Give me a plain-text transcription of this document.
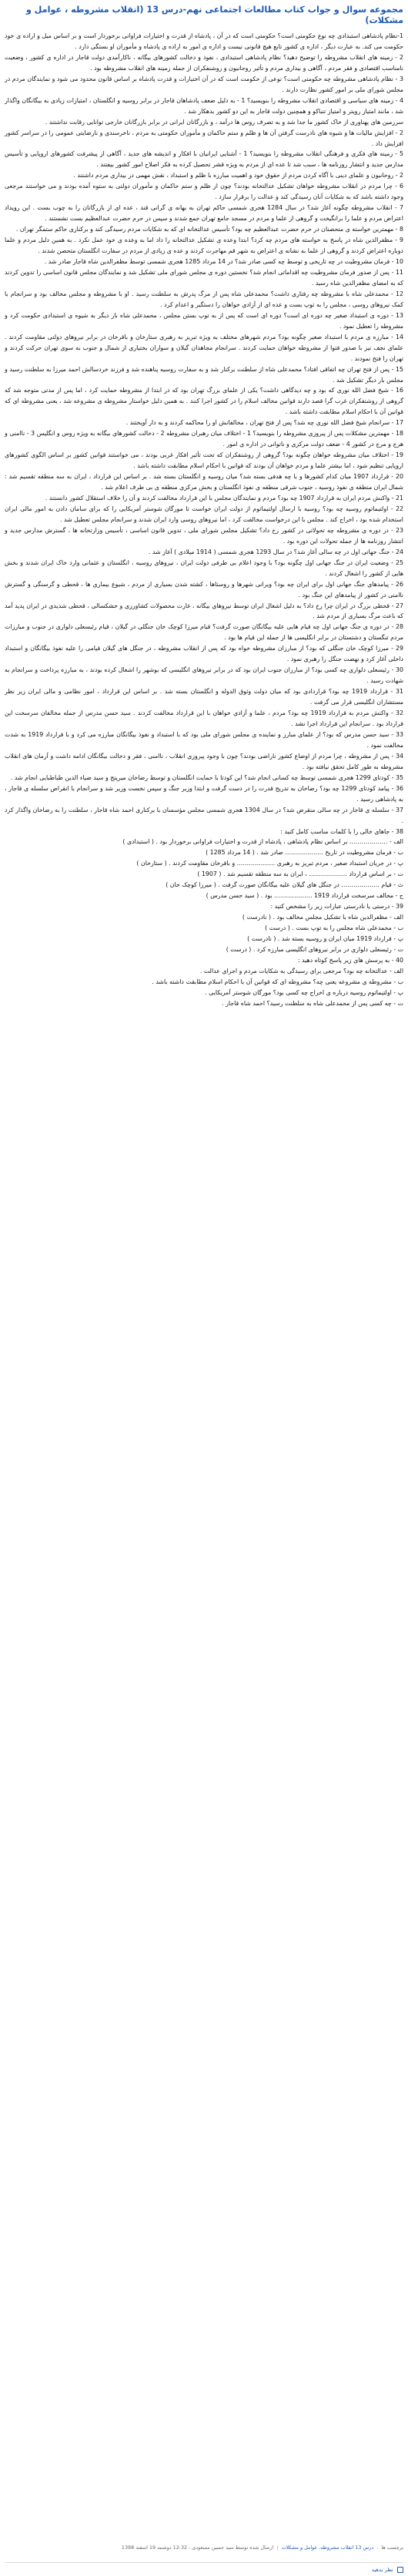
مجموعه سوال و جواب کتاب مطالعات اجتماعی نهم-درس 13 (انقلاب مشروطه ، عوامل و مشکلات)

1-نظام پادشاهی استبدادی چه نوع حکومتی است؟ حکومتی است که در آن ، پادشاه از قدرت و اختیارات فراوانی برخوردار است و بر اساس میل و اراده ی خود حکومت می کند. به عبارت دیگر ، اداره ی کشور تابع هیچ قانونی نیست و اداره ی امور به اراده ی پادشاه و مأموران او بستگی دارد .

2 - زمینه های انقلاب مشروطه را توضیح دهید؟ نظام پادشاهی استبدادی ، نفوذ و دخالت کشورهای بیگانه ، ناکارآمدی دولت قاجار در اداره ی کشور ، وضعیت نامناسب اقتصادی و فقر مردم ، آگاهی و بیداری مردم و تأثیر روحانیون و روشنفکران از جمله زمینه های انقلاب مشروطه بود .

3 - نظام پادشاهی مشروطه چه حکومتی است؟ نوعی از حکومت است که در آن اختیارات و قدرت پادشاه بر اساس قانون محدود می شود و نمایندگان مردم در مجلس شورای ملی بر امور کشور نظارت دارند .

4 - زمینه های سیاسی و اقتصادی انقلاب مشروطه را بنویسید؟ 1 - به دلیل ضعف پادشاهان قاجار در برابر روسیه و انگلستان ، امتیازات زیادی به بیگانگان واگذار شد ، مانند امتیاز رویتر و امتیاز تنباکو و همچنین دولت قاجار به این دو کشور بدهکار شد .

سرزمین های پهناوری از خاک کشور ما جدا شد و به تصرف روس ها درآمد ، و بازرگانان ایرانی در برابر بازرگانان خارجی توانایی رقابت نداشتند .

2 - افزایش مالیات ها و شیوه های نادرست گرفتن آن ها و ظلم و ستم حاکمان و مأموران حکومتی به مردم ، ناخرسندی و نارضایتی عمومی را در سراسر کشور افزایش داد .

5 - زمینه های فکری و فرهنگی انقلاب مشروطه را بنویسید؟ 1 - آشنایی ایرانیان با افکار و اندیشه های جدید ، آگاهی از پیشرفت کشورهای اروپایی و تأسیس مدارس جدید و انتشار روزنامه ها ، سبب شد تا عده ای از مردم به ویژه قشر تحصیل کرده به فکر اصلاح امور کشور بیفتند .

2 - روحانیون و علمای دینی با آگاه کردن مردم از حقوق خود و اهمیت مبارزه با ظلم و استبداد ، نقش مهمی در بیداری مردم داشتند .

6 - چرا مردم در انقلاب مشروطه خواهان تشکیل عدالتخانه بودند؟ چون از ظلم و ستم حاکمان و مأموران دولتی به ستوه آمده بودند و می خواستند مرجعی وجود داشته باشد که به شکایات آنان رسیدگی کند و عدالت را برقرار سازد .

7 - انقلاب مشروطه چگونه آغاز شد؟ در سال 1284 هجری شمسی حاکم تهران به بهانه ی گرانی قند ، عده ای از بازرگانان را به چوب بست . این رویداد اعتراض مردم و علما را برانگیخت و گروهی از علما و مردم در مسجد جامع تهران جمع شدند و سپس در حرم حضرت عبدالعظیم بست نشستند .

8 - مهمترین خواسته ی متحصنان در حرم حضرت عبدالعظیم چه بود؟ تأسیس عدالتخانه ای که به شکایات مردم رسیدگی کند و برکناری حاکم ستمگر تهران .

9 - مظفرالدین شاه در پاسخ به خواسته های مردم چه کرد؟ ابتدا وعده ی تشکیل عدالتخانه را داد اما به وعده ی خود عمل نکرد . به همین دلیل مردم و علما دوباره اعتراض کردند و گروهی از علما به نشانه ی اعتراض به شهر قم مهاجرت کردند و عده ی زیادی از مردم در سفارت انگلستان متحصن شدند .

10 - فرمان مشروطیت در چه تاریخی و توسط چه کسی صادر شد؟ در 14 مرداد 1285 هجری شمسی توسط مظفرالدین شاه قاجار صادر شد .

11 - پس از صدور فرمان مشروطیت چه اقداماتی انجام شد؟ نخستین دوره ی مجلس شورای ملی تشکیل شد و نمایندگان مجلس قانون اساسی را تدوین کردند که به امضای مظفرالدین شاه رسید .

12 - محمدعلی شاه با مشروطه چه رفتاری داشت؟ محمدعلی شاه پس از مرگ پدرش به سلطنت رسید . او با مشروطه و مجلس مخالف بود و سرانجام با کمک نیروهای روسی ، مجلس را به توپ بست و عده ای از آزادی خواهان را دستگیر و اعدام کرد .

13 - دوره ی استبداد صغیر چه دوره ای است؟ دوره ای است که پس از به توپ بستن مجلس ، محمدعلی شاه بار دیگر به شیوه ی استبدادی حکومت کرد و مشروطه را تعطیل نمود .

14 - مبارزه ی مردم با استبداد صغیر چگونه بود؟ مردم شهرهای مختلف به ویژه تبریز به رهبری ستارخان و باقرخان در برابر نیروهای دولتی مقاومت کردند . علمای نجف نیز با صدور فتوا از مشروطه خواهان حمایت کردند . سرانجام مجاهدان گیلان و سواران بختیاری از شمال و جنوب به سوی تهران حرکت کردند و تهران را فتح نمودند .

15 - پس از فتح تهران چه اتفاقی افتاد؟ محمدعلی شاه از سلطنت برکنار شد و به سفارت روسیه پناهنده شد و فرزند خردسالش احمد میرزا به سلطنت رسید و مجلس بار دیگر تشکیل شد .

16 - شیخ فضل الله نوری که بود و چه دیدگاهی داشت؟ یکی از علمای بزرگ تهران بود که در ابتدا از مشروطه حمایت کرد ، اما پس از مدتی متوجه شد که گروهی از روشنفکران غرب گرا قصد دارند قوانین مخالف اسلام را در کشور اجرا کنند . به همین دلیل خواستار مشروطه ی مشروعه شد ، یعنی مشروطه ای که قوانین آن با احکام اسلام مطابقت داشته باشد .

17 - سرانجام شیخ فضل الله نوری چه شد؟ پس از فتح تهران ، مخالفانش او را محاکمه کردند و به دار آویختند .

18 - مهمترین مشکلات پس از پیروزی مشروطه را بنویسید؟ 1 - اختلاف میان رهبران مشروطه 2 - دخالت کشورهای بیگانه به ویژه روس و انگلیس 3 - ناامنی و هرج و مرج در کشور 4 - ضعف دولت مرکزی و ناتوانی در اداره ی امور .

19 - اختلاف میان مشروطه خواهان چگونه بود؟ گروهی از روشنفکران که تحت تأثیر افکار غربی بودند ، می خواستند قوانین کشور بر اساس الگوی کشورهای اروپایی تنظیم شود ، اما بیشتر علما و مردم خواهان آن بودند که قوانین با احکام اسلام مطابقت داشته باشد .

20 - قرارداد 1907 میان کدام کشورها و با چه هدفی بسته شد؟ میان روسیه و انگلستان بسته شد . بر اساس این قرارداد ، ایران به سه منطقه تقسیم شد : شمال ایران منطقه ی نفوذ روسیه ، جنوب شرقی منطقه ی نفوذ انگلستان و بخش مرکزی منطقه ی بی طرف اعلام شد .

21 - واکنش مردم ایران به قرارداد 1907 چه بود؟ مردم و نمایندگان مجلس با این قرارداد مخالفت کردند و آن را خلاف استقلال کشور دانستند .

22 - اولتیماتوم روسیه چه بود؟ روسیه با ارسال اولتیماتوم از دولت ایران خواست تا مورگان شوستر آمریکایی را که برای سامان دادن به امور مالی ایران استخدام شده بود ، اخراج کند . مجلس با این درخواست مخالفت کرد ، اما نیروهای روسی وارد ایران شدند و سرانجام مجلس تعطیل شد .

23 - در دوره ی مشروطه چه تحولاتی در کشور رخ داد؟ تشکیل مجلس شورای ملی ، تدوین قانون اساسی ، تأسیس وزارتخانه ها ، گسترش مدارس جدید و انتشار روزنامه ها از جمله تحولات این دوره بود .

24 - جنگ جهانی اول در چه سالی آغاز شد؟ در سال 1293 هجری شمسی ( 1914 میلادی ) آغاز شد .

25 - وضعیت ایران در جنگ جهانی اول چگونه بود؟ با وجود اعلام بی طرفی دولت ایران ، نیروهای روسیه ، انگلستان و عثمانی وارد خاک ایران شدند و بخش هایی از کشور را اشغال کردند .

26 - پیامدهای جنگ جهانی اول برای ایران چه بود؟ ویرانی شهرها و روستاها ، کشته شدن بسیاری از مردم ، شیوع بیماری ها ، قحطی و گرسنگی و گسترش ناامنی در کشور از پیامدهای این جنگ بود .

27 - قحطی بزرگ در ایران چرا رخ داد؟ به دلیل اشغال ایران توسط نیروهای بیگانه ، غارت محصولات کشاورزی و خشکسالی ، قحطی شدیدی در ایران پدید آمد که باعث مرگ بسیاری از مردم شد .

28 - در دوره ی جنگ جهانی اول چه قیام هایی علیه بیگانگان صورت گرفت؟ قیام میرزا کوچک خان جنگلی در گیلان ، قیام رئیسعلی دلواری در جنوب و مبارزات مردم تنگستان و دشتستان در برابر انگلیسی ها از جمله این قیام ها بود .

29 - میرزا کوچک خان جنگلی که بود؟ از مبارزان مشروطه خواه بود که پس از انقلاب مشروطه ، در جنگل های گیلان قیامی را علیه نفوذ بیگانگان و استبداد داخلی آغاز کرد و نهضت جنگل را رهبری نمود .

30 - رئیسعلی دلواری چه کسی بود؟ از مبارزان جنوب ایران بود که در برابر نیروهای انگلیسی که بوشهر را اشغال کرده بودند ، به مبارزه پرداخت و سرانجام به شهادت رسید .

31 - قرارداد 1919 چه بود؟ قراردادی بود که میان دولت وثوق الدوله و انگلستان بسته شد . بر اساس این قرارداد ، امور نظامی و مالی ایران زیر نظر مستشاران انگلیسی قرار می گرفت .

32 - واکنش مردم به قرارداد 1919 چه بود؟ مردم ، علما و آزادی خواهان با این قرارداد مخالفت کردند . سید حسن مدرس از جمله مخالفان سرسخت این قرارداد بود . سرانجام این قرارداد اجرا نشد .

33 - سید حسن مدرس که بود؟ از علمای مبارز و نماینده ی مجلس شورای ملی بود که با استبداد و نفوذ بیگانگان مبارزه می کرد و با قرارداد 1919 به شدت مخالفت نمود .

34 - پس از مشروطه ، چرا مردم از اوضاع کشور ناراضی بودند؟ چون با وجود پیروزی انقلاب ، ناامنی ، فقر و دخالت بیگانگان ادامه داشت و آرمان های انقلاب مشروطه به طور کامل تحقق نیافته بود .

35 - کودتای 1299 هجری شمسی توسط چه کسانی انجام شد؟ این کودتا با حمایت انگلستان و توسط رضاخان میرپنج و سید ضیاء الدین طباطبایی انجام شد .

36 - پیامد کودتای 1299 چه بود؟ رضاخان به تدریج قدرت را در دست گرفت و ابتدا وزیر جنگ و سپس نخست وزیر شد و سرانجام با انقراض سلسله ی قاجار ، به پادشاهی رسید .

37 - سلسله ی قاجار در چه سالی منقرض شد؟ در سال 1304 هجری شمسی مجلس مؤسسان با برکناری احمد شاه قاجار ، سلطنت را به رضاخان واگذار کرد .

38 - جاهای خالی را با کلمات مناسب کامل کنید :

الف - ………………. بر اساس نظام پادشاهی ، پادشاه از قدرت و اختیارات فراوانی برخوردار بود . ( استبدادی )

ب - فرمان مشروطیت در تاریخ ………………. صادر شد . ( 14 مرداد 1285 )

پ - در جریان استبداد صغیر ، مردم تبریز به رهبری ………………. و باقرخان مقاومت کردند . ( ستارخان )

ت - بر اساس قرارداد ………………. ، ایران به سه منطقه تقسیم شد . ( 1907 )

ث - قیام ………………. در جنگل های گیلان علیه بیگانگان صورت گرفت . ( میرزا کوچک خان )

ج - مخالف سرسخت قرارداد 1919 ………………. بود . ( سید حسن مدرس )

39 - درستی یا نادرستی عبارات زیر را مشخص کنید :

الف - مظفرالدین شاه با تشکیل مجلس مخالف بود . ( نادرست )

ب - محمدعلی شاه مجلس را به توپ بست . ( درست )

پ - قرارداد 1919 میان ایران و روسیه بسته شد . ( نادرست )

ت - رئیسعلی دلواری در برابر نیروهای انگلیسی مبارزه کرد . ( درست )

40 - به پرسش های زیر پاسخ کوتاه دهید :

الف - عدالتخانه چه بود؟ مرجعی برای رسیدگی به شکایات مردم و اجرای عدالت .

ب - مشروطه ی مشروعه یعنی چه؟ مشروطه ای که قوانین آن با احکام اسلام مطابقت داشته باشد .

پ - اولتیماتوم روسیه درباره ی اخراج چه کسی بود؟ مورگان شوستر آمریکایی .

ت - چه کسی پس از محمدعلی شاه به سلطنت رسید؟ احمد شاه قاجار .

برچسب ها : درس 13 انقلاب مشروطه، عوامل و مشکلات | ارسال شده توسط سید حسین مسعودی ، 12:32 دوشنبه 19 اسفند 1398
نظر بدهید
